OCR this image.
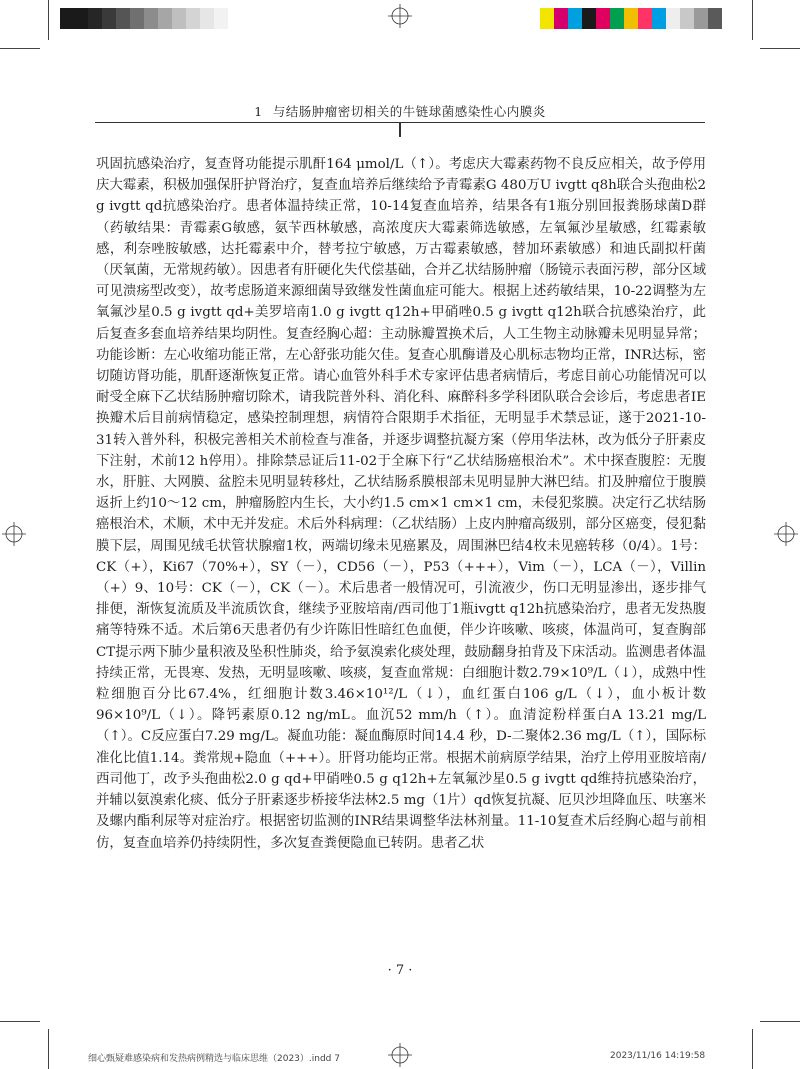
1 与结肠肿瘤密切相关的牛链球菌感染性心内膜炎

巩固抗感染治疗，复查肾功能提示肌酐164 μmol/L（↑）。考虑庆大霉素药物不良反应相关，故予停用庆大霉素，积极加强保肝护肾治疗，复查血培养后继续给予青霉素G 480万U ivgtt q8h联合头孢曲松2 g ivgtt qd抗感染治疗。患者体温持续正常，10-14复查血培养，结果各有1瓶分别回报粪肠球菌D群（药敏结果：青霉素G敏感，氨苄西林敏感，高浓度庆大霉素筛选敏感，左氧氟沙星敏感，红霉素敏感，利奈唑胺敏感，达托霉素中介，替考拉宁敏感，万古霉素敏感，替加环素敏感）和迪氏副拟杆菌（厌氧菌，无常规药敏）。因患者有肝硬化失代偿基础，合并乙状结肠肿瘤（肠镜示表面污秽，部分区域可见溃疡型改变），故考虑肠道来源细菌导致继发性菌血症可能大。根据上述药敏结果，10-22调整为左氧氟沙星0.5 g ivgtt qd+美罗培南1.0 g ivgtt q12h+甲硝唑0.5 g ivgtt q12h联合抗感染治疗，此后复查多套血培养结果均阴性。复查经胸心超：主动脉瓣置换术后，人工生物主动脉瓣未见明显异常；功能诊断：左心收缩功能正常，左心舒张功能欠佳。复查心肌酶谱及心肌标志物均正常，INR达标，密切随访肾功能，肌酐逐渐恢复正常。请心血管外科手术专家评估患者病情后，考虑目前心功能情况可以耐受全麻下乙状结肠肿瘤切除术，请我院普外科、消化科、麻醉科多学科团队联合会诊后，考虑患者IE换瓣术后目前病情稳定，感染控制理想，病情符合限期手术指征，无明显手术禁忌证，遂于2021-10-31转入普外科，积极完善相关术前检查与准备，并逐步调整抗凝方案（停用华法林，改为低分子肝素皮下注射，术前12 h停用）。排除禁忌证后11-02于全麻下行“乙状结肠癌根治术”。术中探查腹腔：无腹水，肝脏、大网膜、盆腔未见明显转移灶，乙状结肠系膜根部未见明显肿大淋巴结。扪及肿瘤位于腹膜返折上约10～12 cm，肿瘤肠腔内生长，大小约1.5 cm×1 cm×1 cm，未侵犯浆膜。决定行乙状结肠癌根治术，术顺，术中无并发症。术后外科病理：（乙状结肠）上皮内肿瘤高级别，部分区癌变，侵犯黏膜下层，周围见绒毛状管状腺瘤1枚，两端切缘未见癌累及，周围淋巴结4枚未见癌转移（0/4）。1号：CK（+），Ki67（70%+），SY（－），CD56（－），P53（+++），Vim（－），LCA（－），Villin（+）9、10号：CK（－），CK（－）。术后患者一般情况可，引流液少，伤口无明显渗出，逐步排气排便，渐恢复流质及半流质饮食，继续予亚胺培南/西司他丁1瓶ivgtt q12h抗感染治疗，患者无发热腹痛等特殊不适。术后第6天患者仍有少许陈旧性暗红色血便，伴少许咳嗽、咳痰，体温尚可，复查胸部CT提示两下肺少量积液及坠积性肺炎，给予氨溴索化痰处理，鼓励翻身拍背及下床活动。监测患者体温持续正常，无畏寒、发热，无明显咳嗽、咳痰，复查血常规：白细胞计数2.79×10⁹/L（↓），成熟中性粒细胞百分比67.4%，红细胞计数3.46×10¹²/L（↓），血红蛋白106 g/L（↓），血小板计数96×10⁹/L（↓）。降钙素原0.12 ng/mL。血沉52 mm/h（↑）。血清淀粉样蛋白A 13.21 mg/L（↑）。C反应蛋白7.29 mg/L。凝血功能：凝血酶原时间14.4 秒，D-二聚体2.36 mg/L（↑），国际标准化比值1.14。粪常规+隐血（+++）。肝肾功能均正常。根据术前病原学结果，治疗上停用亚胺培南/西司他丁，改予头孢曲松2.0 g qd+甲硝唑0.5 g q12h+左氧氟沙星0.5 g ivgtt qd维持抗感染治疗，并辅以氨溴索化痰、低分子肝素逐步桥接华法林2.5 mg（1片）qd恢复抗凝、厄贝沙坦降血压、呋塞米及螺内酯利尿等对症治疗。根据密切监测的INR结果调整华法林剂量。11-10复查术后经胸心超与前相仿，复查血培养仍持续阴性，多次复查粪便隐血已转阴。患者乙状

· 7 ·
细心甄疑难感染病和发热病例精选与临床思维（2023）.indd 7	2023/11/16 14:19:58
